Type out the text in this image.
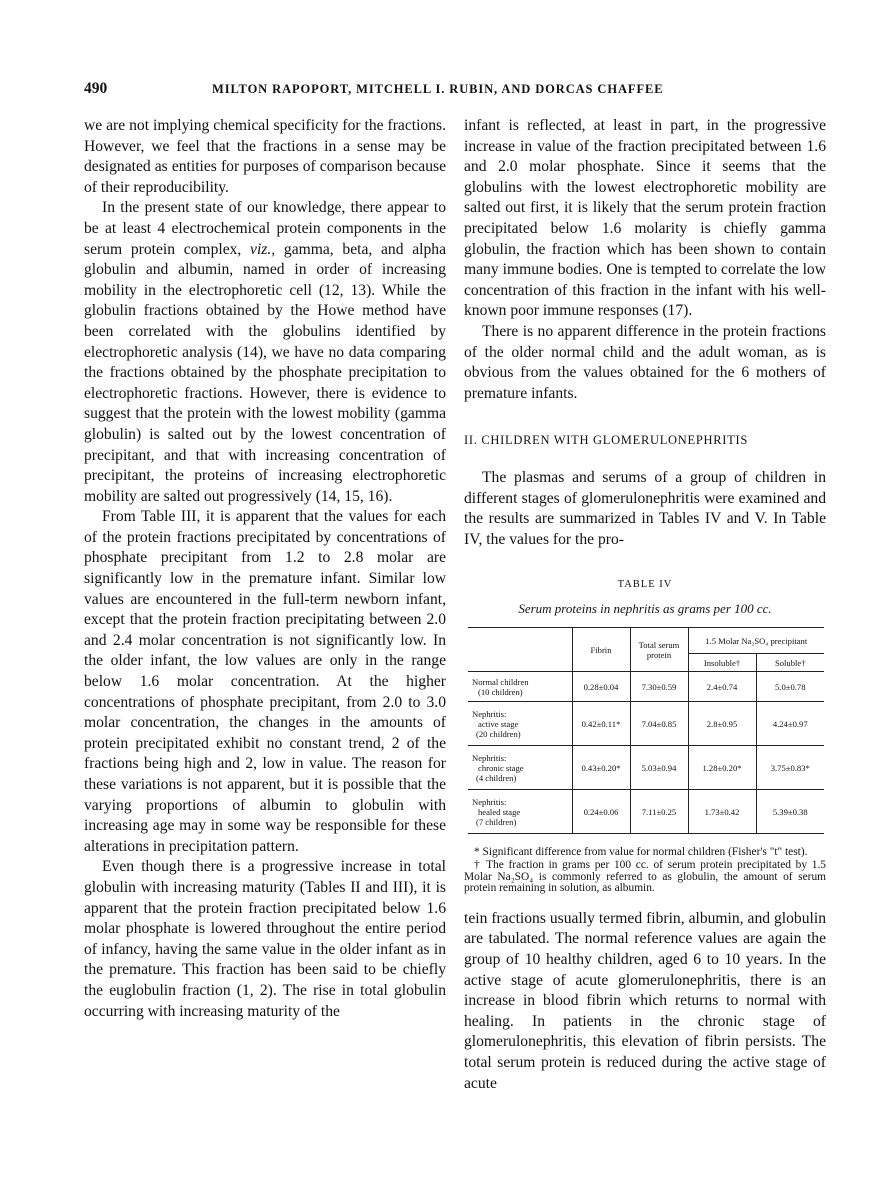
490	MILTON RAPOPORT, MITCHELL I. RUBIN, AND DORCAS CHAFFEE

we are not implying chemical specificity for the fractions. However, we feel that the fractions in a sense may be designated as entities for purposes of comparison because of their reproducibility.

In the present state of our knowledge, there appear to be at least 4 electrochemical protein components in the serum protein complex, viz., gamma, beta, and alpha globulin and albumin, named in order of increasing mobility in the electrophoretic cell (12, 13). While the globulin fractions obtained by the Howe method have been correlated with the globulins identified by electrophoretic analysis (14), we have no data comparing the fractions obtained by the phosphate precipitation to electrophoretic fractions. However, there is evidence to suggest that the protein with the lowest mobility (gamma globulin) is salted out by the lowest concentration of precipitant, and that with increasing concentration of precipitant, the proteins of increasing electrophoretic mobility are salted out progressively (14, 15, 16).

From Table III, it is apparent that the values for each of the protein fractions precipitated by concentrations of phosphate precipitant from 1.2 to 2.8 molar are significantly low in the premature infant. Similar low values are encountered in the full-term newborn infant, except that the protein fraction precipitating between 2.0 and 2.4 molar concentration is not significantly low. In the older infant, the low values are only in the range below 1.6 molar concentration. At the higher concentrations of phosphate precipitant, from 2.0 to 3.0 molar concentration, the changes in the amounts of protein precipitated exhibit no constant trend, 2 of the fractions being high and 2, low in value. The reason for these variations is not apparent, but it is possible that the varying proportions of albumin to globulin with increasing age may in some way be responsible for these alterations in precipitation pattern.

Even though there is a progressive increase in total globulin with increasing maturity (Tables II and III), it is apparent that the protein fraction precipitated below 1.6 molar phosphate is lowered throughout the entire period of infancy, having the same value in the older infant as in the premature. This fraction has been said to be chiefly the euglobulin fraction (1, 2). The rise in total globulin occurring with increasing maturity of the

infant is reflected, at least in part, in the progressive increase in value of the fraction precipitated between 1.6 and 2.0 molar phosphate. Since it seems that the globulins with the lowest electrophoretic mobility are salted out first, it is likely that the serum protein fraction precipitated below 1.6 molarity is chiefly gamma globulin, the fraction which has been shown to contain many immune bodies. One is tempted to correlate the low concentration of this fraction in the infant with his well-known poor immune responses (17).

There is no apparent difference in the protein fractions of the older normal child and the adult woman, as is obvious from the values obtained for the 6 mothers of premature infants.

II. CHILDREN WITH GLOMERULONEPHRITIS

The plasmas and serums of a group of children in different stages of glomerulonephritis were examined and the results are summarized in Tables IV and V. In Table IV, the values for the pro-

TABLE IV
Serum proteins in nephritis as grams per 100 cc.
	Fibrin	Total serum protein	1.5 Molar Na₂SO₄ precipitant	
			Insoluble†	Soluble†
Normal children
(10 children)	0.28±0.04	7.30±0.59	2.4±0.74	5.0±0.78
Nephritis:
active stage
(20 children)	0.42±0.11*	7.04±0.85	2.8±0.95	4.24±0.97
Nephritis:
chronic stage
(4 children)	0.43±0.20*	5.03±0.94	1.28±0.20*	3.75±0.83*
Nephritis:
healed stage
(7 children)	0.24±0.06	7.11±0.25	1.73±0.42	5.39±0.38

* Significant difference from value for normal children (Fisher's "t" test).

† The fraction in grams per 100 cc. of serum protein precipitated by 1.5 Molar Na₂SO₄ is commonly referred to as globulin, the amount of serum protein remaining in solution, as albumin.

tein fractions usually termed fibrin, albumin, and globulin are tabulated. The normal reference values are again the group of 10 healthy children, aged 6 to 10 years. In the active stage of acute glomerulonephritis, there is an increase in blood fibrin which returns to normal with healing. In patients in the chronic stage of glomerulonephritis, this elevation of fibrin persists. The total serum protein is reduced during the active stage of acute
